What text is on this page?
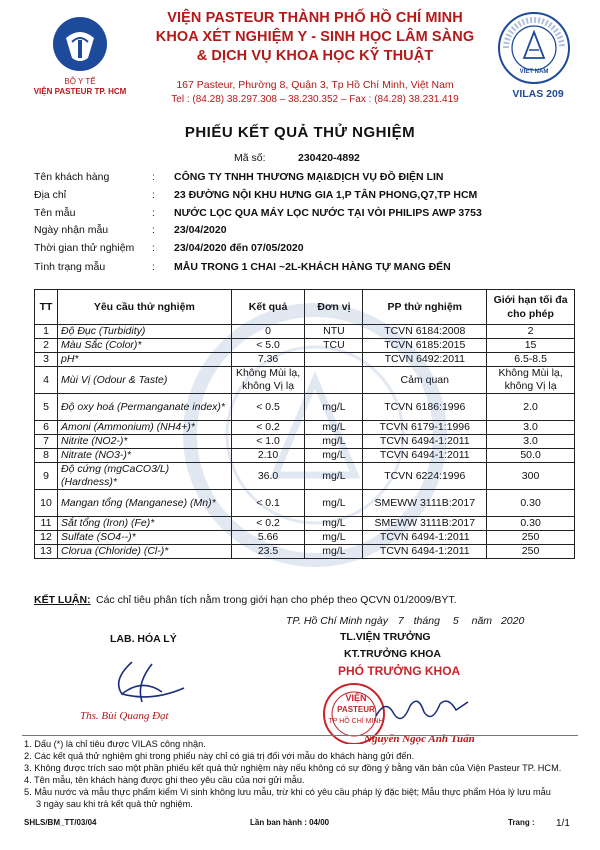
BỘ Y TẾ
VIỆN PASTEUR TP. HCM
VIỆN PASTEUR THÀNH PHỐ HỒ CHÍ MINH
KHOA XÉT NGHIỆM Y - SINH HỌC LÂM SÀNG
& DỊCH VỤ KHOA HỌC KỸ THUẬT
167 Pasteur, Phường 8, Quận 3, Tp Hồ Chí Minh, Việt Nam
Tel : (84.28) 38.297.308 – 38.230.352 – Fax : (84.28) 38.231.419
VIET NAM
VILAS 209
PHIẾU KẾT QUẢ THỬ NGHIỆM
Mã số:	230420-4892
Tên khách hàng	: CÔNG TY TNHH THƯƠNG MẠI&DỊCH VỤ ĐỒ ĐIỆN LIN
Địa chỉ	: 23 ĐƯỜNG NỘI KHU HƯNG GIA 1,P TÂN PHONG,Q7,TP HCM
Tên mẫu	: NƯỚC LỌC QUA MÁY LỌC NƯỚC TẠI VÒI PHILIPS AWP 3753
Ngày nhận mẫu	: 23/04/2020
Thời gian thử nghiệm : 23/04/2020 đến 07/05/2020
Tình trạng mẫu	: MẪU TRONG 1 CHAI ~2L-KHÁCH HÀNG TỰ MANG ĐẾN
TT	Yêu cầu thử nghiệm	Kết quả	Đơn vị	PP thử nghiệm	Giới hạn tối đa cho phép
1	Độ Đục (Turbidity)	0	NTU	TCVN 6184:2008	2
2	Màu Sắc (Color)*	< 5.0	TCU	TCVN 6185:2015	15
3	pH*	7.36		TCVN 6492:2011	6.5-8.5
4	Mùi Vị (Odour & Taste)	Không Mùi lạ, không Vị lạ		Cảm quan	Không Mùi lạ, không Vị lạ
5	Độ oxy hoá (Permanganate index)*	< 0.5	mg/L	TCVN 6186:1996	2.0
6	Amoni (Ammonium) (NH4+)*	< 0.2	mg/L	TCVN 6179-1:1996	3.0
7	Nitrite (NO2-)*	< 1.0	mg/L	TCVN 6494-1:2011	3.0
8	Nitrate (NO3-)*	2.10	mg/L	TCVN 6494-1:2011	50.0
9	Độ cứng (mgCaCO3/L) (Hardness)*	36.0	mg/L	TCVN 6224:1996	300
10	Mangan tổng (Manganese) (Mn)*	< 0.1	mg/L	SMEWW 3111B:2017	0.30
11	Sắt tổng (Iron) (Fe)*	< 0.2	mg/L	SMEWW 3111B:2017	0.30
12	Sulfate (SO4--)*	5.66	mg/L	TCVN 6494-1:2011	250
13	Clorua (Chloride) (Cl-)*	23.5	mg/L	TCVN 6494-1:2011	250
KẾT LUẬN: Các chỉ tiêu phân tích nằm trong giới hạn cho phép theo QCVN 01/2009/BYT.
TP. Hồ Chí Minh ngày 7 tháng 5 năm 2020
LAB. HÓA LÝ	TL.VIỆN TRƯỞNG
KT.TRƯỞNG KHOA
Ths. Bùi Quang Đạt
PHÓ TRƯỞNG KHOA
VIỆN
PASTEUR
TP HỒ CHÍ MINH
Nguyễn Ngọc Anh Tuấn
1. Dấu (*) là chỉ tiêu được VILAS công nhận.
2. Các kết quả thử nghiệm ghi trong phiếu này chỉ có giá trị đối với mẫu do khách hàng gửi đến.
3. Không được trích sao một phần phiếu kết quả thử nghiệm này nếu không có sự đồng ý bằng văn bản của Viện Pasteur TP. HCM.
4. Tên mẫu, tên khách hàng được ghi theo yêu cầu của nơi gửi mẫu.
5. Mẫu nước và mẫu thực phẩm kiểm Vi sinh không lưu mẫu, trừ khi có yêu cầu pháp lý đặc biệt; Mẫu thực phẩm Hóa lý lưu mẫu
3 ngày sau khi trả kết quả thử nghiệm.
SHLS/BM_TT/03/04	Lần ban hành : 04/00	Trang : 1/1
